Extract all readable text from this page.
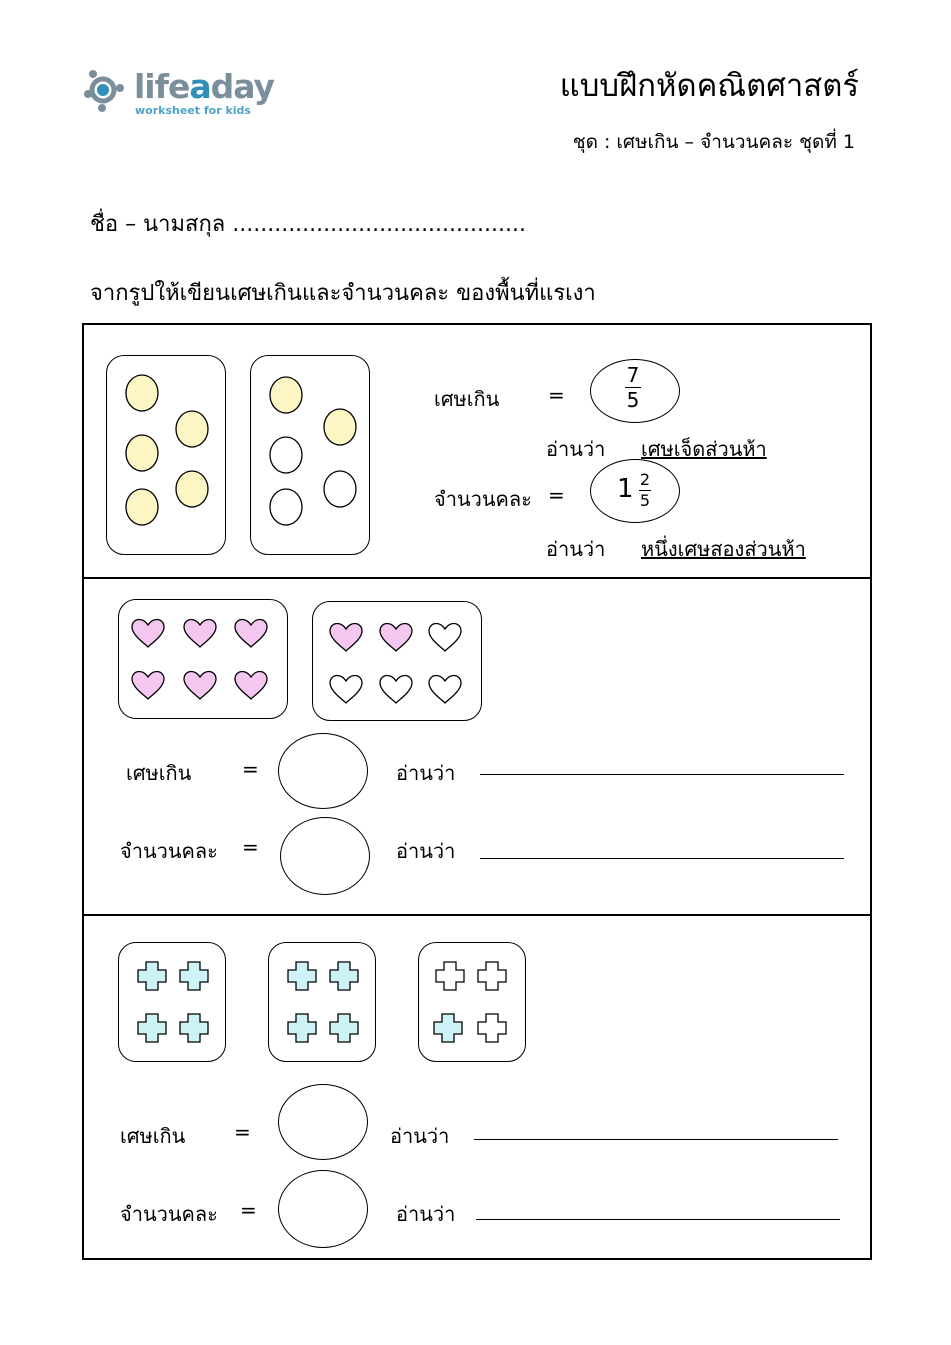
lifeaday
worksheet for kids
แบบฝึกหัดคณิตศาสตร์
ชุด : เศษเกิน – จำนวนคละ ชุดที่ 1
ชื่อ – นามสกุล ..........................................
จากรูปให้เขียนเศษเกินและจำนวนคละ ของพื้นที่แรเงา
เศษเกิน =
7
5
อ่านว่า เศษเจ็ดส่วนห้า
จำนวนคละ = 1 2
5
อ่านว่า หนึ่งเศษสองส่วนห้า
เศษเกิน	=	อ่านว่า
จำนวนคละ =	อ่านว่า
เศษเกิน =	อ่านว่า
จำนวนคละ =	อ่านว่า
